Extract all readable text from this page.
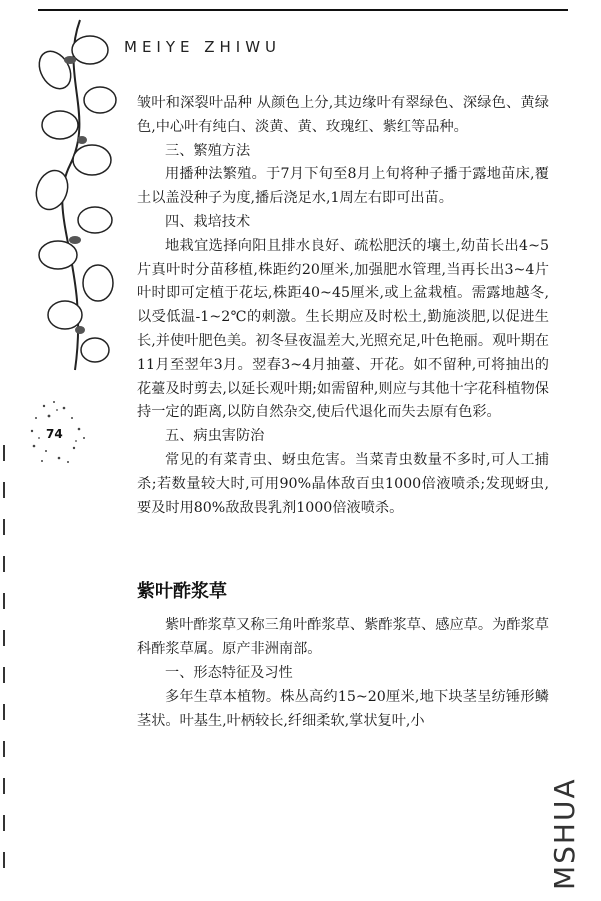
MEIYE ZHIWU
74

皱叶和深裂叶品种 从颜色上分,其边缘叶有翠绿色、深绿色、黄绿色,中心叶有纯白、淡黄、黄、玫瑰红、紫红等品种。

三、繁殖方法

用播种法繁殖。于7月下旬至8月上旬将种子播于露地苗床,覆土以盖没种子为度,播后浇足水,1周左右即可出苗。

四、栽培技术

地栽宜选择向阳且排水良好、疏松肥沃的壤土,幼苗长出4~5片真叶时分苗移植,株距约20厘米,加强肥水管理,当再长出3~4片叶时即可定植于花坛,株距40~45厘米,或上盆栽植。需露地越冬,以受低温-1~2℃的刺激。生长期应及时松土,勤施淡肥,以促进生长,并使叶肥色美。初冬昼夜温差大,光照充足,叶色艳丽。观叶期在11月至翌年3月。翌春3~4月抽薹、开花。如不留种,可将抽出的花薹及时剪去,以延长观叶期;如需留种,则应与其他十字花科植物保持一定的距离,以防自然杂交,使后代退化而失去原有色彩。

五、病虫害防治

常见的有菜青虫、蚜虫危害。当菜青虫数量不多时,可人工捕杀;若数量较大时,可用90%晶体敌百虫1000倍液喷杀;发现蚜虫,要及时用80%敌敌畏乳剂1000倍液喷杀。

紫叶酢浆草

紫叶酢浆草又称三角叶酢浆草、紫酢浆草、感应草。为酢浆草科酢浆草属。原产非洲南部。

一、形态特征及习性

多年生草本植物。株丛高约15~20厘米,地下块茎呈纺锤形鳞茎状。叶基生,叶柄较长,纤细柔软,掌状复叶,小

MSHUA
